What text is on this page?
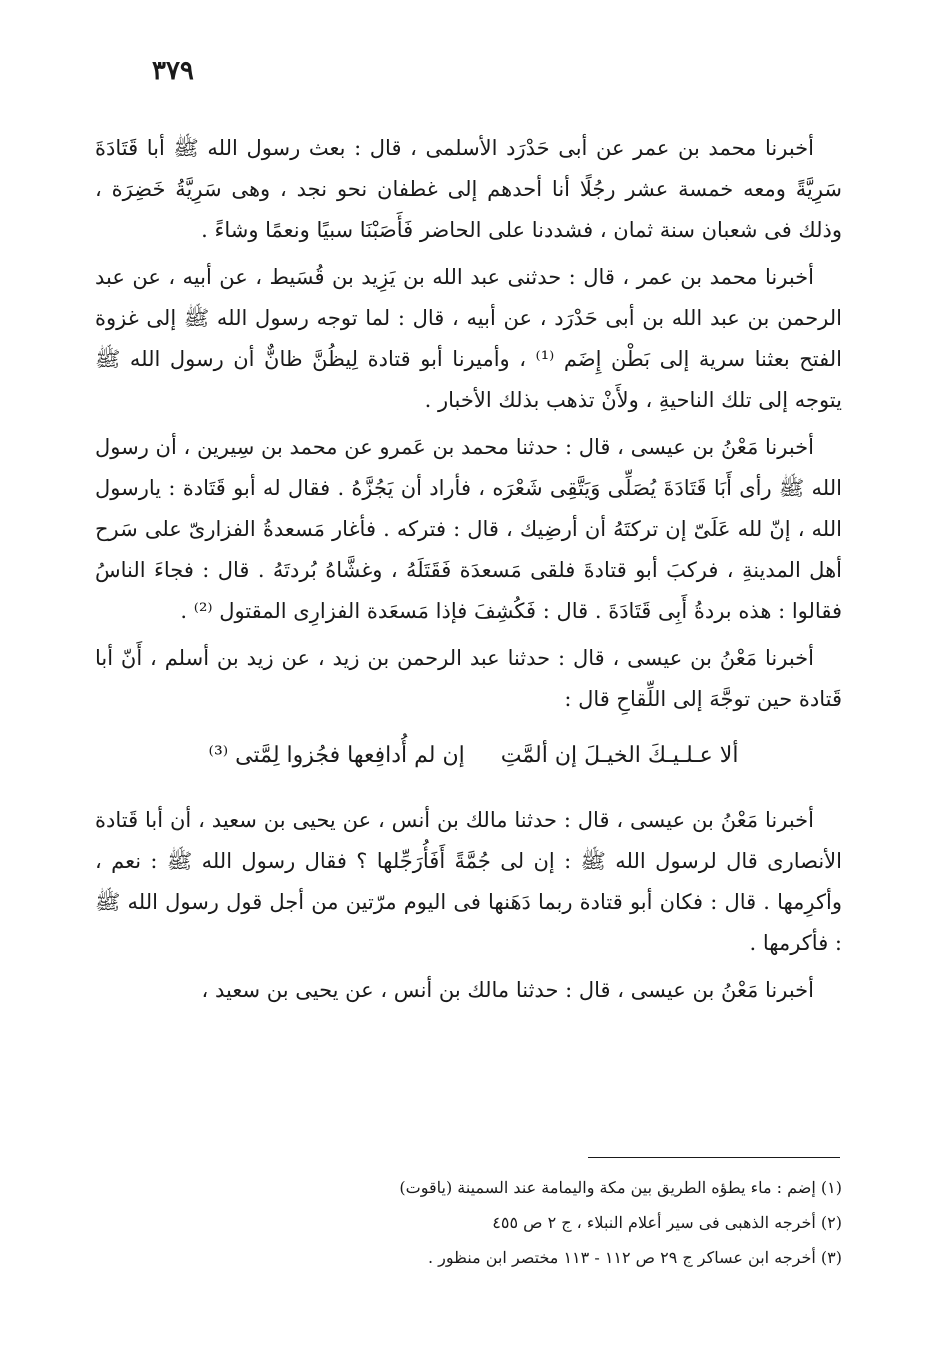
٣٧٩

أخبرنا محمد بن عمر عن أبى حَدْرَد الأسلمى ، قال : بعث رسول الله ﷺ أبا قَتَادَةَ سَرِيَّةً ومعه خمسة عشر رجُلًا أنا أحدهم إلى غطفان نحو نجد ، وهى سَرِيَّةُ خَضِرَة ، وذلك فى شعبان سنة ثمان ، فشددنا على الحاضر فَأَصَبْنَا سبيًا ونعمًا وشاءً .

أخبرنا محمد بن عمر ، قال : حدثنى عبد الله بن يَزِيد بن قُسَيط ، عن أبيه ، عن عبد الرحمن بن عبد الله بن أبى حَدْرَد ، عن أبيه ، قال : لما توجه رسول الله ﷺ إلى غزوة الفتح بعثنا سرية إلى بَطْن إِضَم ⁽¹⁾ ، وأميرنا أبو قتادة لِيظُنَّ ظانٌّ أن رسول الله ﷺ يتوجه إلى تلك الناحيةِ ، ولأَنْ تذهب بذلك الأخبار .

أخبرنا مَعْنُ بن عيسى ، قال : حدثنا محمد بن عَمرو عن محمد بن سِيرين ، أن رسول الله ﷺ رأى أَبَا قَتَادَةَ يُصَلِّى وَيَتَّقِى شَعْرَه ، فأراد أن يَجُزَّهُ . فقال له أبو قَتَادة : يارسول الله ، إنّ لله عَلَىّ إن تركتَهُ أن أرضِيك ، قال : فتركه . فأغار مَسعدةُ الفزارىّ على سَرح أهل المدينةِ ، فركبَ أبو قتادةَ فلقى مَسعدَة فَقَتَلَهُ ، وغشَّاهُ بُردتَهُ . قال : فجاءَ الناسُ فقالوا : هذه بردةُ أَبِى قَتَادَةَ . قال : فَكُشِفَ فإذا مَسعَدة الفزارِى المقتول ⁽²⁾ .

أخبرنا مَعْنُ بن عيسى ، قال : حدثنا عبد الرحمن بن زيد ، عن زيد بن أسلم ، أَنّ أبا قَتادة حين توجَّهَ إلى اللِّقاحِ قال :

ألا عـلـيـكَ الخيـلَ إن ألمَّتِإن لم أُدافِعها فجُزوا لِمَّتى ⁽³⁾

أخبرنا مَعْنُ بن عيسى ، قال : حدثنا مالك بن أنس ، عن يحيى بن سعيد ، أن أبا قَتادة الأنصارى قال لرسول الله ﷺ : إن لى جُمَّةً أَفَأُرَجِّلها ؟ فقال رسول الله ﷺ : نعم ، وأكرِمها . قال : فكان أبو قتادة ربما دَهَنها فى اليوم مرّتين من أجل قول رسول الله ﷺ : فأكرمها .

أخبرنا مَعْنُ بن عيسى ، قال : حدثنا مالك بن أنس ، عن يحيى بن سعيد ،

(١) إضم : ماء يطؤه الطريق بين مكة واليمامة عند السمينة (ياقوت)

(٢) أخرجه الذهبى فى سير أعلام النبلاء ، ج ٢ ص ٤٥٥

(٣) أخرجه ابن عساكر ج ٢٩ ص ١١٢ - ١١٣ مختصر ابن منظور .
